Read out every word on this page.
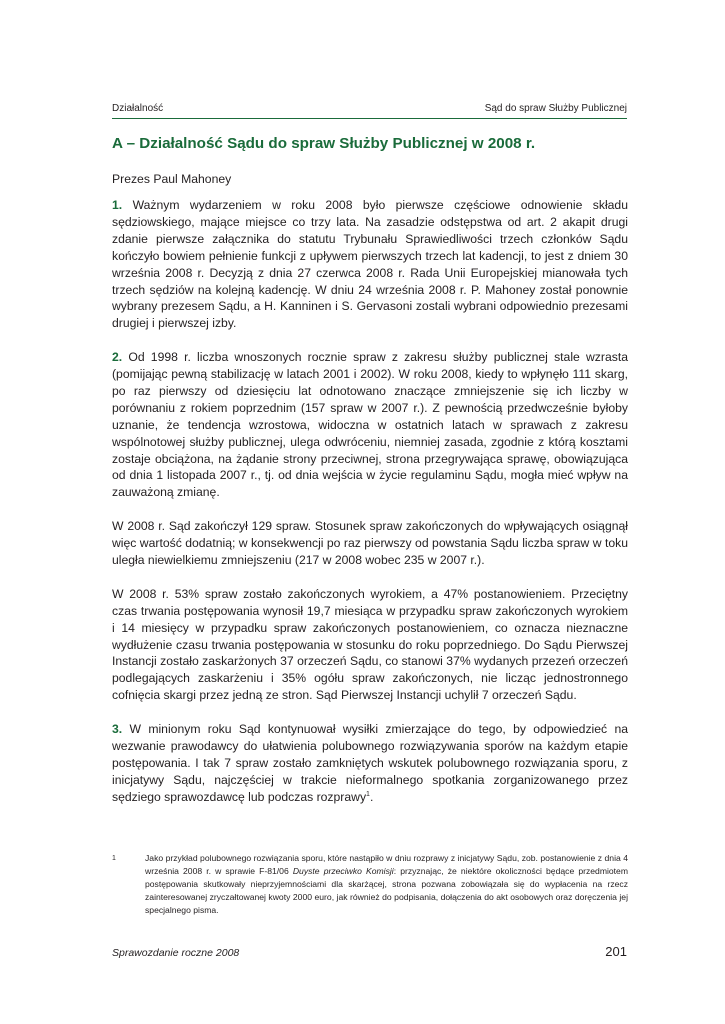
Działalność	Sąd do spraw Służby Publicznej
A – Działalność Sądu do spraw Służby Publicznej w 2008 r.
Prezes Paul Mahoney

1. Ważnym wydarzeniem w roku 2008 było pierwsze częściowe odnowienie składu sędziowskiego, mające miejsce co trzy lata. Na zasadzie odstępstwa od art. 2 akapit drugi zdanie pierwsze załącznika do statutu Trybunału Sprawiedliwości trzech członków Sądu kończyło bowiem pełnienie funkcji z upływem pierwszych trzech lat kadencji, to jest z dniem 30 września 2008 r. Decyzją z dnia 27 czerwca 2008 r. Rada Unii Europejskiej mianowała tych trzech sędziów na kolejną kadencję. W dniu 24 września 2008 r. P. Mahoney został ponownie wybrany prezesem Sądu, a H. Kanninen i S. Gervasoni zostali wybrani odpowiednio prezesami drugiej i pierwszej izby.

2. Od 1998 r. liczba wnoszonych rocznie spraw z zakresu służby publicznej stale wzrasta (pomijając pewną stabilizację w latach 2001 i 2002). W roku 2008, kiedy to wpłynęło 111 skarg, po raz pierwszy od dziesięciu lat odnotowano znaczące zmniejszenie się ich liczby w porównaniu z rokiem poprzednim (157 spraw w 2007 r.). Z pewnością przedwcześnie byłoby uznanie, że tendencja wzrostowa, widoczna w ostatnich latach w sprawach z zakresu wspólnotowej służby publicznej, ulega odwróceniu, niemniej zasada, zgodnie z którą kosztami zostaje obciążona, na żądanie strony przeciwnej, strona przegrywająca sprawę, obowiązująca od dnia 1 listopada 2007 r., tj. od dnia wejścia w życie regulaminu Sądu, mogła mieć wpływ na zauważoną zmianę.

W 2008 r. Sąd zakończył 129 spraw. Stosunek spraw zakończonych do wpływających osiągnął więc wartość dodatnią; w konsekwencji po raz pierwszy od powstania Sądu liczba spraw w toku uległa niewielkiemu zmniejszeniu (217 w 2008 wobec 235 w 2007 r.).

W 2008 r. 53% spraw zostało zakończonych wyrokiem, a 47% postanowieniem. Przeciętny czas trwania postępowania wynosił 19,7 miesiąca w przypadku spraw zakończonych wyrokiem i 14 miesięcy w przypadku spraw zakończonych postanowieniem, co oznacza nieznaczne wydłużenie czasu trwania postępowania w stosunku do roku poprzedniego. Do Sądu Pierwszej Instancji zostało zaskarżonych 37 orzeczeń Sądu, co stanowi 37% wydanych przezeń orzeczeń podlegających zaskarżeniu i 35% ogółu spraw zakończonych, nie licząc jednostronnego cofnięcia skargi przez jedną ze stron. Sąd Pierwszej Instancji uchylił 7 orzeczeń Sądu.

3. W minionym roku Sąd kontynuował wysiłki zmierzające do tego, by odpowiedzieć na wezwanie prawodawcy do ułatwienia polubownego rozwiązywania sporów na każdym etapie postępowania. I tak 7 spraw zostało zamkniętych wskutek polubownego rozwiązania sporu, z inicjatywy Sądu, najczęściej w trakcie nieformalnego spotkania zorganizowanego przez sędziego sprawozdawcę lub podczas rozprawy$^1$.

1	Jako przykład polubownego rozwiązania sporu, które nastąpiło w dniu rozprawy z inicjatywy Sądu, zob. postanowienie z dnia 4 września 2008 r. w sprawie F-81/06 Duyste przeciwko Komisji: przyznając, że niektóre okoliczności będące przedmiotem postępowania skutkowały nieprzyjemnościami dla skarżącej, strona pozwana zobowiązała się do wypłacenia na rzecz zainteresowanej zryczałtowanej kwoty 2000 euro, jak również do podpisania, dołączenia do akt osobowych oraz doręczenia jej specjalnego pisma.
Sprawozdanie roczne 2008	201
